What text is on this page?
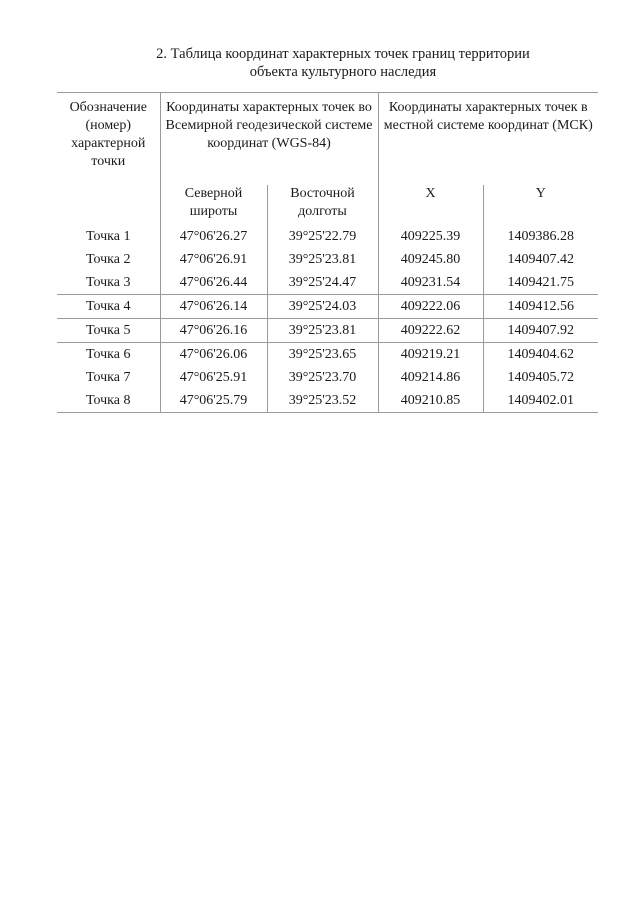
2. Таблица координат характерных точек границ территории
объекта культурного наследия
Обозначение (номер) характерной точки	Координаты характерных точек во Всемирной геодезической системе координат (WGS-84)		Координаты характерных точек в местной системе координат (МСК)	
	Северной широты	Восточной долготы	X	Y
Точка 1	47°06'26.27	39°25'22.79	409225.39	1409386.28
Точка 2	47°06'26.91	39°25'23.81	409245.80	1409407.42
Точка 3	47°06'26.44	39°25'24.47	409231.54	1409421.75
Точка 4	47°06'26.14	39°25'24.03	409222.06	1409412.56
Точка 5	47°06'26.16	39°25'23.81	409222.62	1409407.92
Точка 6	47°06'26.06	39°25'23.65	409219.21	1409404.62
Точка 7	47°06'25.91	39°25'23.70	409214.86	1409405.72
Точка 8	47°06'25.79	39°25'23.52	409210.85	1409402.01
